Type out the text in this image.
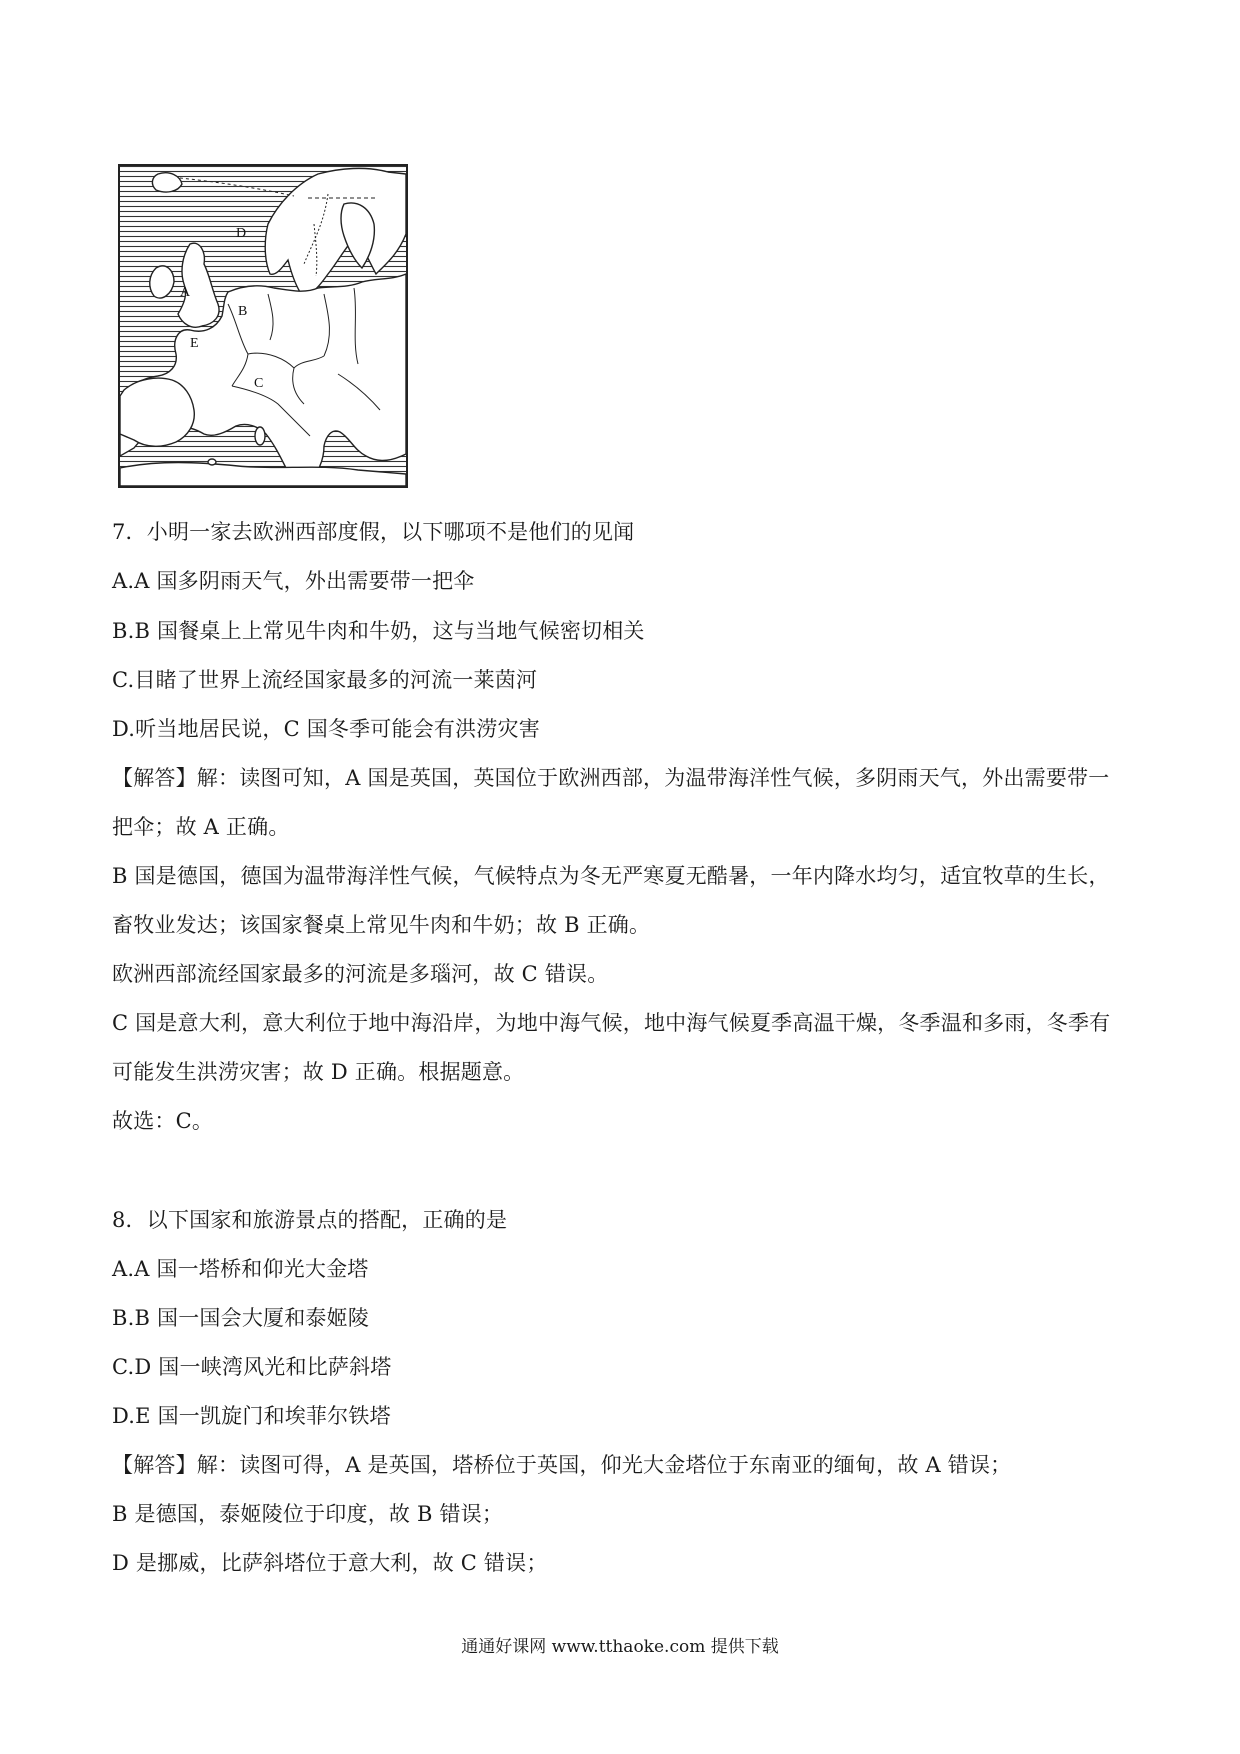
A
B
C
D
E
7．小明一家去欧洲西部度假，以下哪项不是他们的见闻
A.A 国多阴雨天气，外出需要带一把伞
B.B 国餐桌上上常见牛肉和牛奶，这与当地气候密切相关
C.目睹了世界上流经国家最多的河流一莱茵河
D.听当地居民说，C 国冬季可能会有洪涝灾害
【解答】解：读图可知，A 国是英国，英国位于欧洲西部，为温带海洋性气候，多阴雨天气，外出需要带一
把伞；故 A 正确。
B 国是德国，德国为温带海洋性气候，气候特点为冬无严寒夏无酷暑，一年内降水均匀，适宜牧草的生长，
畜牧业发达；该国家餐桌上常见牛肉和牛奶；故 B 正确。
欧洲西部流经国家最多的河流是多瑙河，故 C 错误。
C 国是意大利，意大利位于地中海沿岸，为地中海气候，地中海气候夏季高温干燥，冬季温和多雨，冬季有
可能发生洪涝灾害；故 D 正确。根据题意。
故选：C。
8．以下国家和旅游景点的搭配，正确的是
A.A 国一塔桥和仰光大金塔
B.B 国一国会大厦和泰姬陵
C.D 国一峡湾风光和比萨斜塔
D.E 国一凯旋门和埃菲尔铁塔
【解答】解：读图可得，A 是英国，塔桥位于英国，仰光大金塔位于东南亚的缅甸，故 A 错误；
B 是德国，泰姬陵位于印度，故 B 错误；
D 是挪威，比萨斜塔位于意大利，故 C 错误；
通通好课网 www.tthaoke.com 提供下载
